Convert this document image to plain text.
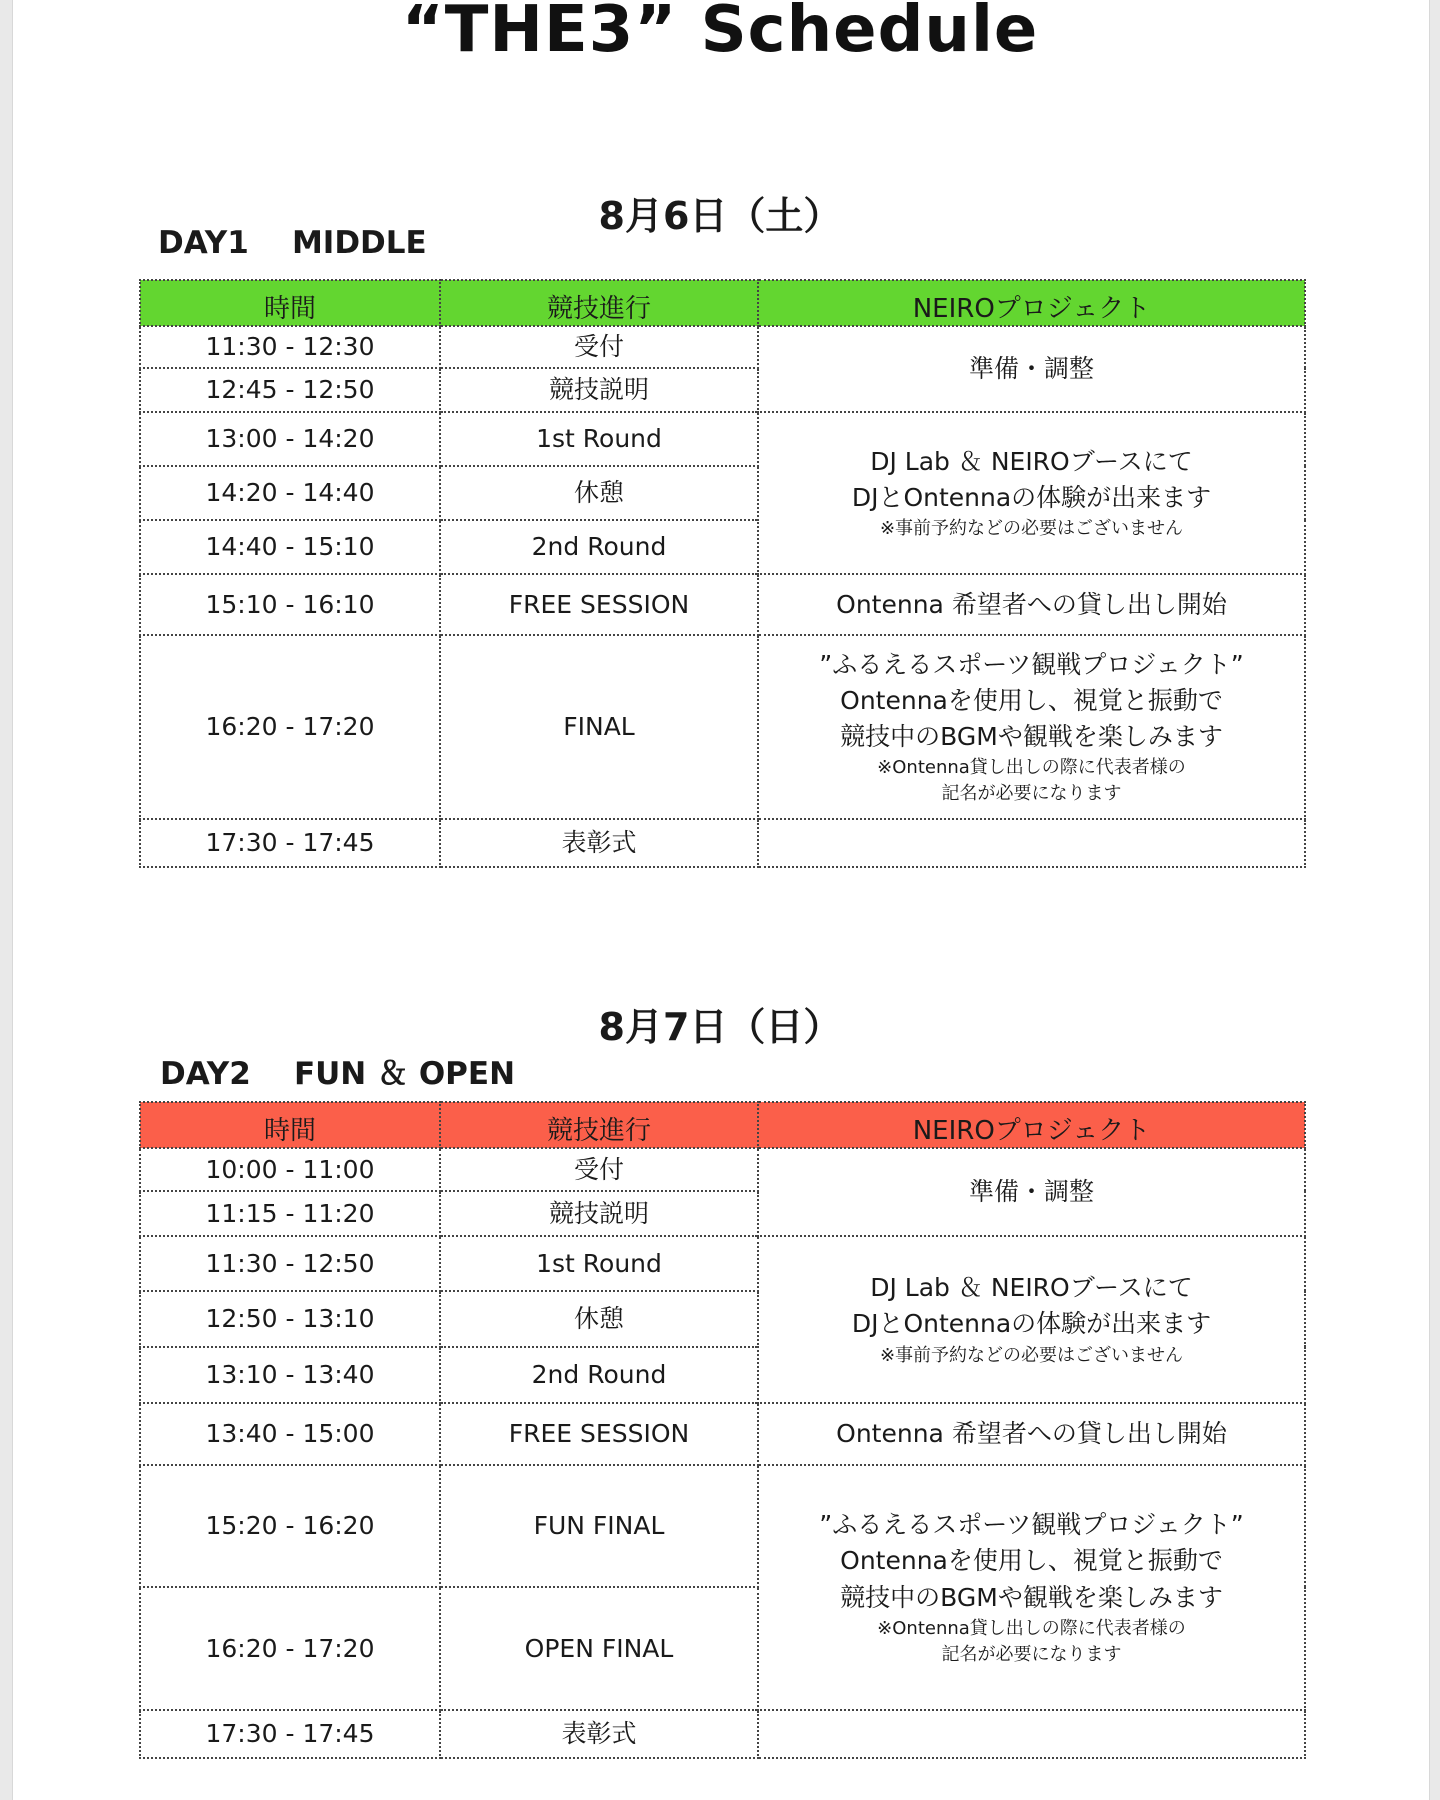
“THE3” Schedule
8月6日（土）
DAY1    MIDDLE
時間	競技進行	NEIROプロジェクト
11:30 - 12:30	受付	準備・調整
12:45 - 12:50	競技説明	
13:00 - 14:20	1st Round	DJ Lab ＆ NEIROブースにて
DJとOntennaの体験が出来ます
※事前予約などの必要はございません

14:20 - 14:40	休憩	
14:40 - 15:10	2nd Round	
15:10 - 16:10	FREE SESSION	Ontenna 希望者への貸し出し開始
16:20 - 17:20	FINAL	”ふるえるスポーツ観戦プロジェクト”
Ontennaを使用し、視覚と振動で
競技中のBGMや観戦を楽しみます
※Ontenna貸し出しの際に代表者様の
記名が必要になります

17:30 - 17:45	表彰式	
8月7日（日）
DAY2    FUN ＆ OPEN
時間	競技進行	NEIROプロジェクト
10:00 - 11:00	受付	準備・調整
11:15 - 11:20	競技説明	
11:30 - 12:50	1st Round	DJ Lab ＆ NEIROブースにて
DJとOntennaの体験が出来ます
※事前予約などの必要はございません

12:50 - 13:10	休憩	
13:10 - 13:40	2nd Round	
13:40 - 15:00	FREE SESSION	Ontenna 希望者への貸し出し開始
15:20 - 16:20	FUN FINAL	”ふるえるスポーツ観戦プロジェクト”
Ontennaを使用し、視覚と振動で
競技中のBGMや観戦を楽しみます
※Ontenna貸し出しの際に代表者様の
記名が必要になります

16:20 - 17:20	OPEN FINAL	
17:30 - 17:45	表彰式	
